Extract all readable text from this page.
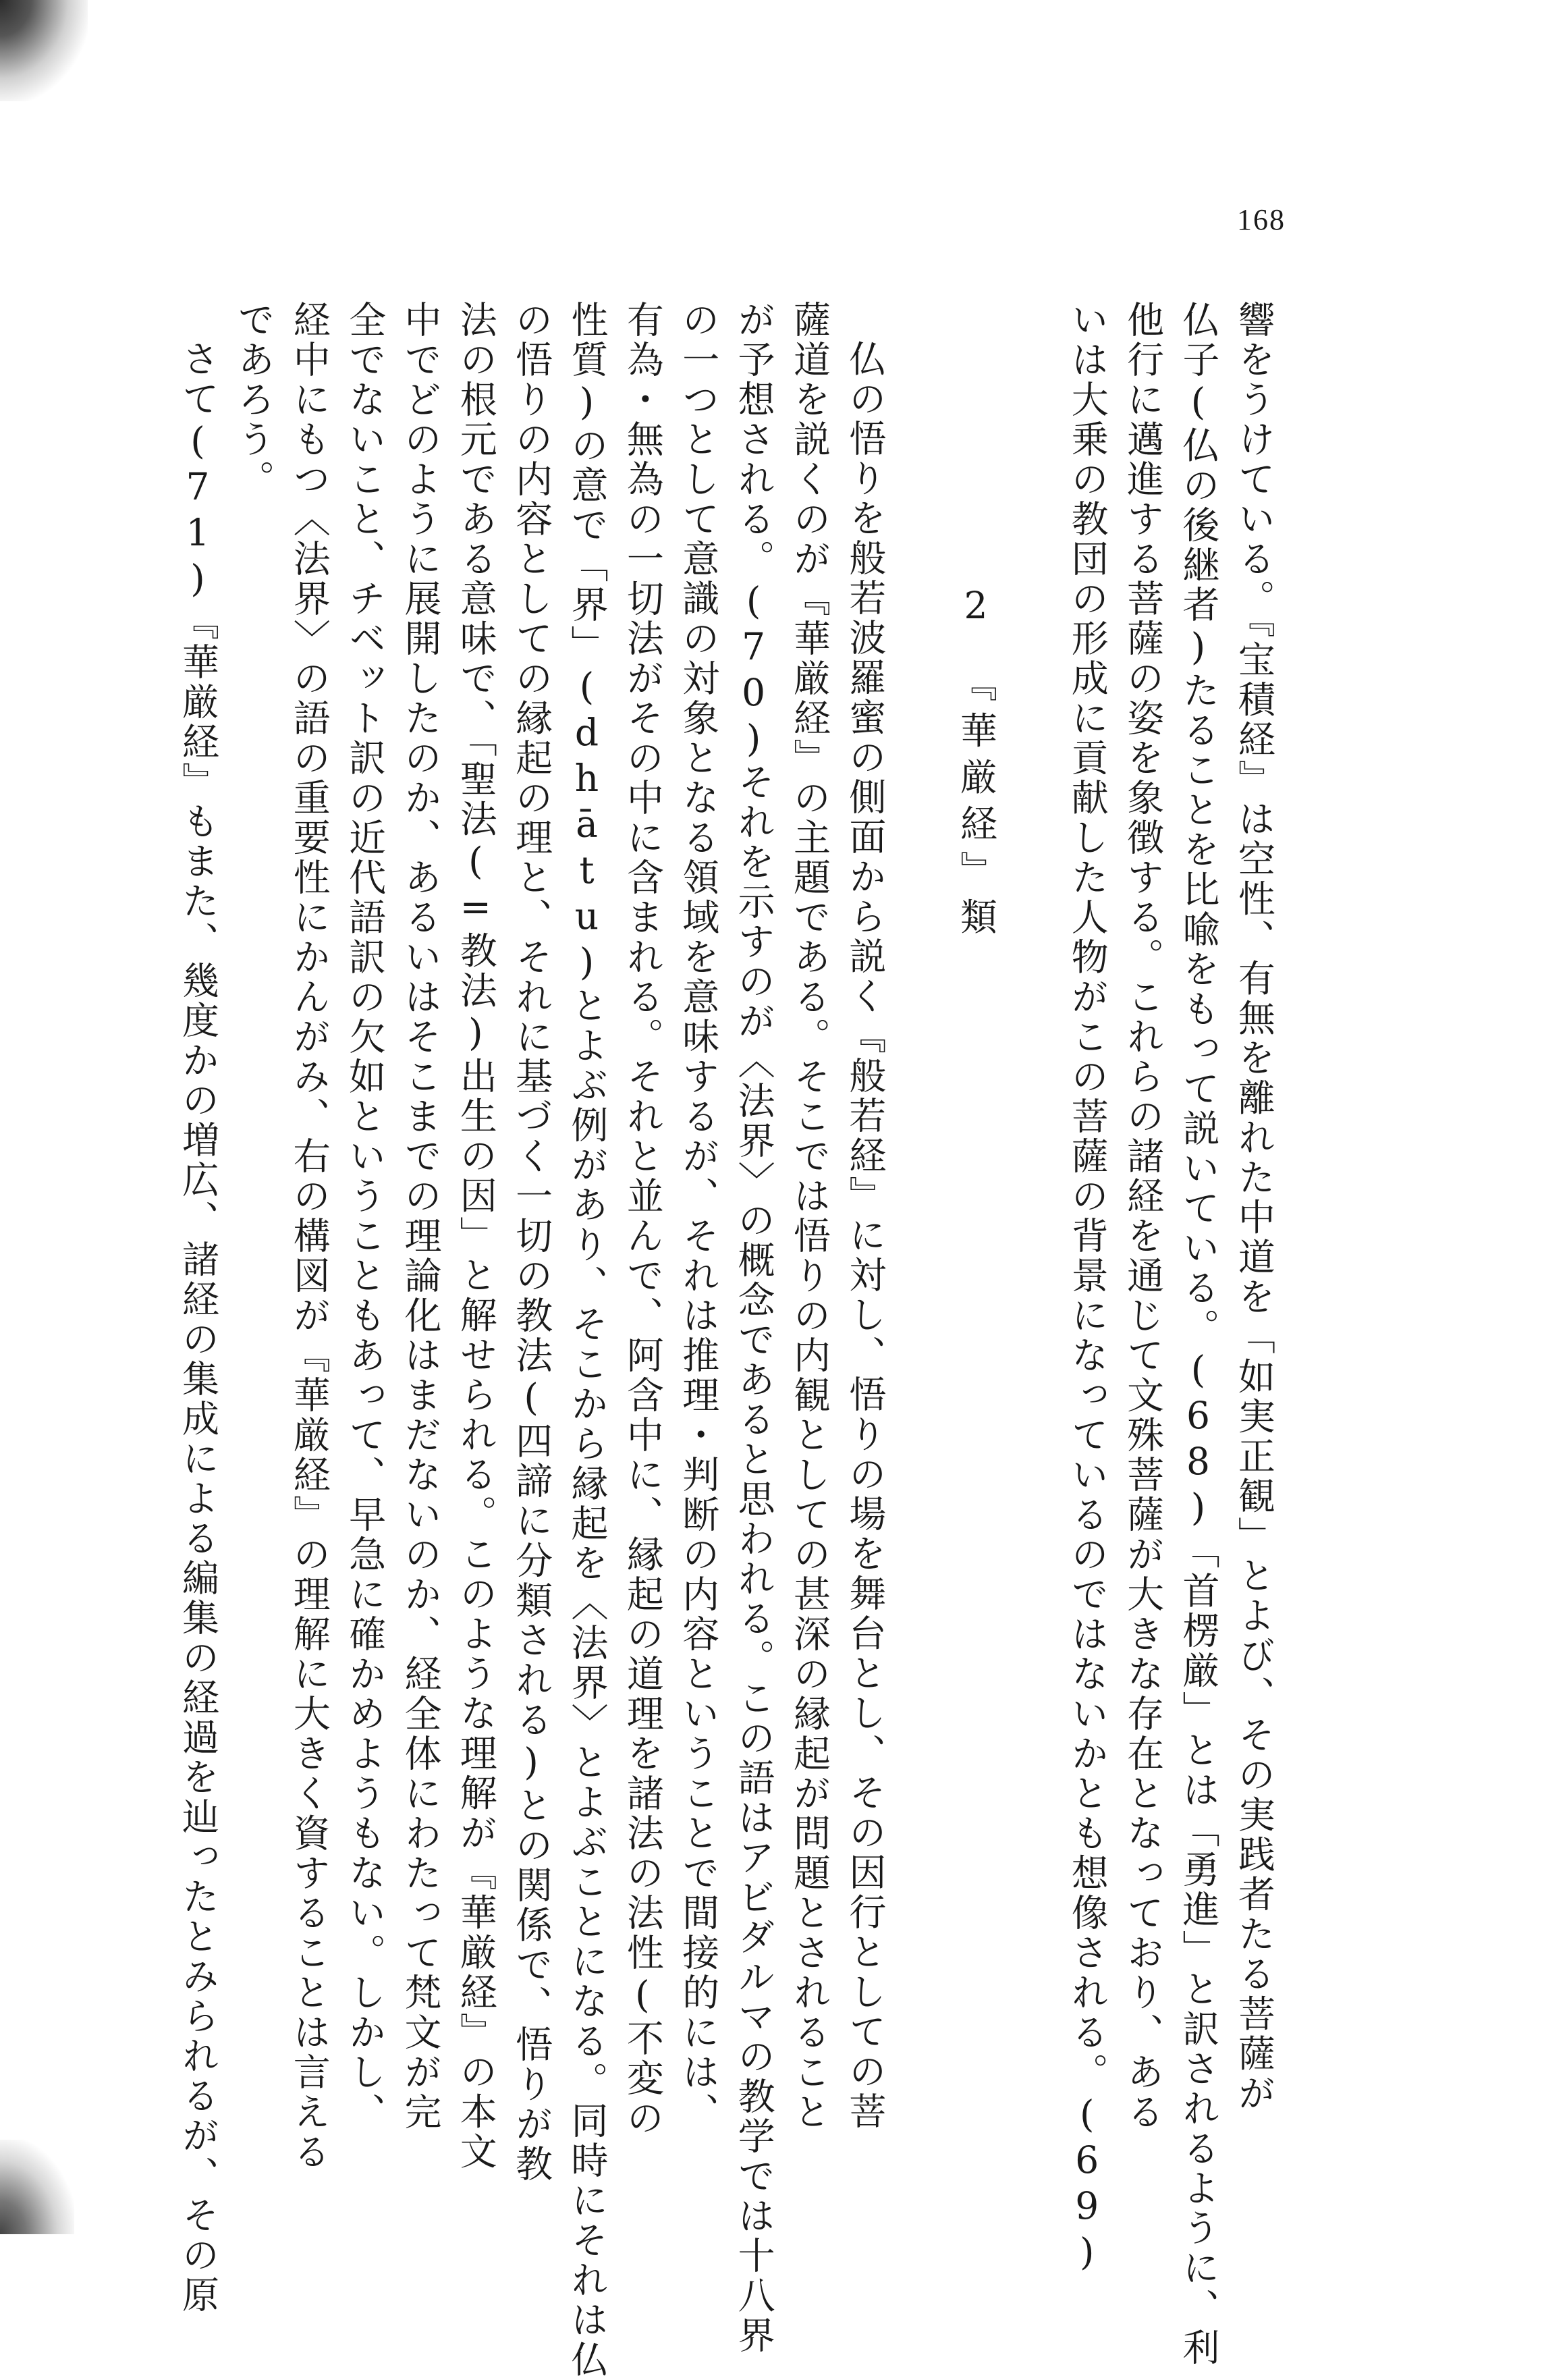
168
響をうけている。『宝積経』は空性、有無を離れた中道を「如実正観」とよび、その実践者たる菩薩が
仏子(仏の後継者)たることを比喩をもって説いている。(68)「首楞厳」とは「勇進」と訳されるように、利
他行に邁進する菩薩の姿を象徴する。これらの諸経を通じて文殊菩薩が大きな存在となっており、ある
いは大乗の教団の形成に貢献した人物がこの菩薩の背景になっているのではないかとも想像される。(69)
2　『華厳経』類
仏の悟りを般若波羅蜜の側面から説く『般若経』に対し、悟りの場を舞台とし、その因行としての菩
薩道を説くのが『華厳経』の主題である。そこでは悟りの内観としての甚深の縁起が問題とされること
が予想される。(70)それを示すのが〈法界〉の概念であると思われる。この語はアビダルマの教学では十八界
の一つとして意識の対象となる領域を意味するが、それは推理・判断の内容ということで間接的には、
有為・無為の一切法がその中に含まれる。それと並んで、阿含中に、縁起の道理を諸法の法性(不変の
性質)の意で「界」(dhātu)とよぶ例があり、そこから縁起を〈法界〉とよぶことになる。同時にそれは仏
の悟りの内容としての縁起の理と、それに基づく一切の教法(四諦に分類される)との関係で、悟りが教
法の根元である意味で、「聖法(=教法)出生の因」と解せられる。このような理解が『華厳経』の本文
中でどのように展開したのか、あるいはそこまでの理論化はまだないのか、経全体にわたって梵文が完
全でないこと、チベット訳の近代語訳の欠如ということもあって、早急に確かめようもない。しかし、
経中にもつ〈法界〉の語の重要性にかんがみ、右の構図が『華厳経』の理解に大きく資することは言える
であろう。
さて(71)『華厳経』もまた、幾度かの増広、諸経の集成による編集の経過を辿ったとみられるが、その原
